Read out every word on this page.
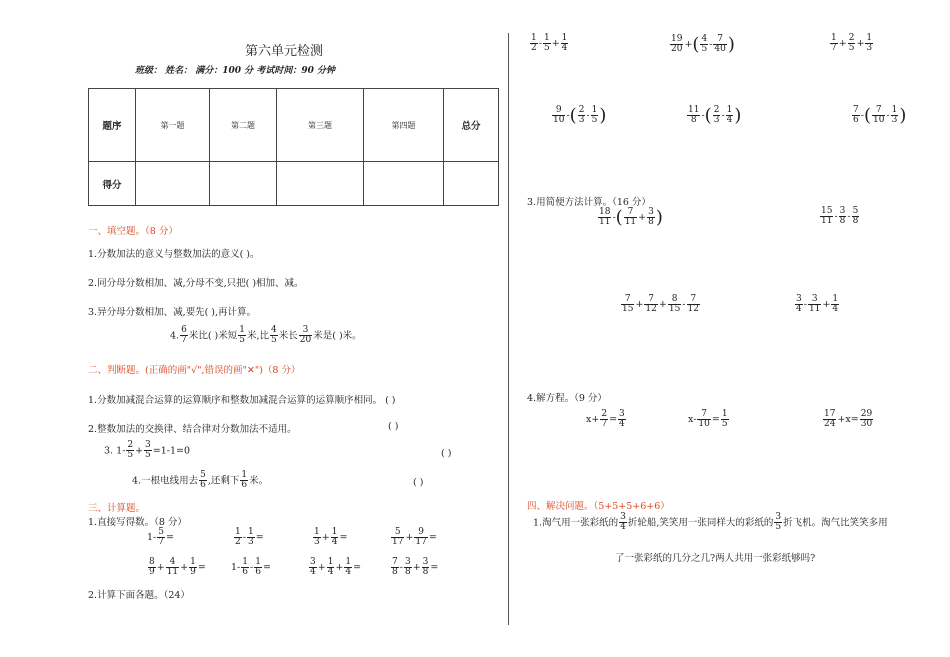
第六单元检测
班级： 姓名： 满分：100 分 考试时间：90 分钟
题序	第一题	第二题	第三题	第四题	总分
得分					
一、填空题。（8 分）
1.分数加法的意义与整数加法的意义( )。
2.同分母分数相加、减,分母不变,只把( )相加、减。
3.异分母分数相加、减,要先( ),再计算。
4. $\frac{6}{7}$ 米比( )米短 $\frac{1}{5}$ 米,比 $\frac{4}{5}$ 米长 $\frac{3}{20}$ 米是( )米。
二、判断题。(正确的画"√",错误的画"✕")（8 分）
1.分数加减混合运算的运算顺序和整数加减混合运算的运算顺序相同。 ( )
2.整数加法的交换律、结合律对分数加法不适用。	( )
3. $1- \frac{2}{5} + \frac{3}{5} =1-1=0$	( )
4.一根电线用去 $\frac{5}{6}$ ,还剩下 $\frac{1}{6}$ 米。	( )
三、计算题。
1.直接写得数。（8 分）
$1- \frac{5}{7}$ =	$\frac{1}{2} - \frac{1}{3}$ =	$\frac{1}{3} + \frac{1}{4}$ =	$\frac{5}{17} + \frac{9}{17}$ =
$\frac{8}{9} + \frac{4}{11} + \frac{1}{9}$ =	$1- \frac{1}{6} - \frac{1}{6}$ =	$\frac{3}{4} + \frac{1}{4} + \frac{1}{4}$ =	$\frac{7}{8} - \frac{3}{8} + \frac{3}{8}$ =
2.计算下面各题。（24）
$\frac{1}{2} - \frac{1}{5} + \frac{1}{4}$	$\frac{19}{20}$ +( $\frac{4}{5} - \frac{7}{40}$ )	$\frac{1}{7} + \frac{2}{5} + \frac{1}{3}$
$\frac{9}{10}$ -( $\frac{2}{3} - \frac{1}{5}$ )	$\frac{11}{8}$ -( $\frac{2}{3} - \frac{1}{4}$ )	$\frac{7}{6}$ -( $\frac{7}{10} - \frac{1}{3}$ )
3.用简便方法计算。（16 分）
$\frac{18}{11}$ -( $\frac{7}{11} + \frac{3}{8}$ )	$\frac{15}{11} - \frac{3}{8} - \frac{5}{8}$
$\frac{7}{15} + \frac{7}{12} + \frac{8}{15} - \frac{7}{12}$	$\frac{3}{4} - \frac{3}{11} + \frac{1}{4}$
4.解方程。（9 分）
$x+ \frac{2}{7} = \frac{3}{4}$	$x- \frac{7}{10} = \frac{1}{5}$	$\frac{17}{24} +x= \frac{29}{30}$
四、解决问题。（5+5+5+6+6）
1.淘气用一张彩纸的 $\frac{3}{4}$ 折轮船,笑笑用一张同样大的彩纸的 $\frac{3}{5}$ 折飞机。淘气比笑笑多用
了一张彩纸的几分之几?两人共用一张彩纸够吗?
